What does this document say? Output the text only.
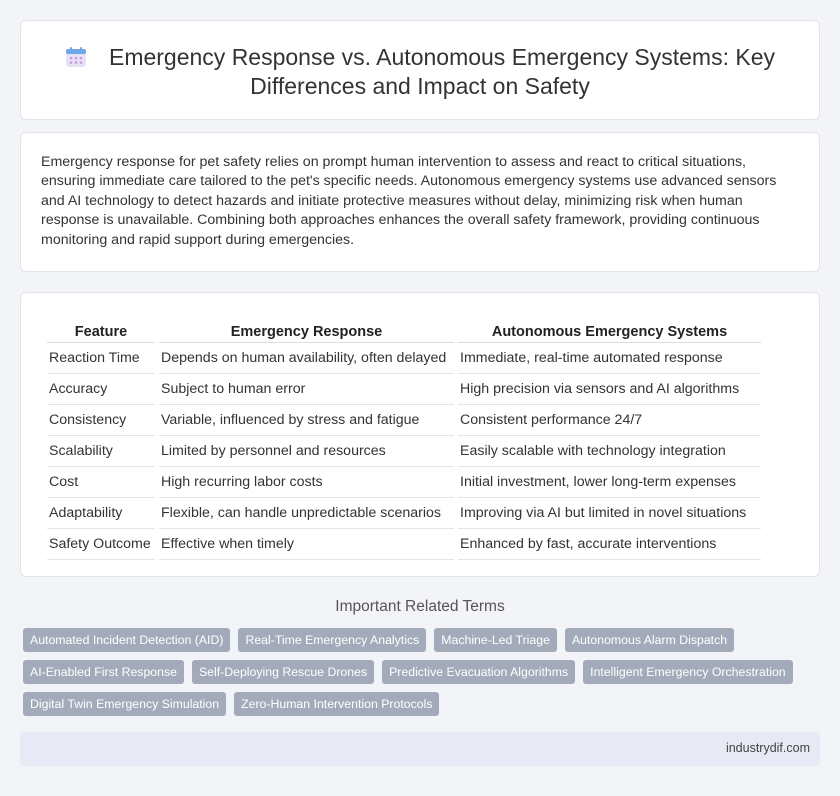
Emergency Response vs. Autonomous Emergency Systems: Key
Differences and Impact on Safety

Emergency response for pet safety relies on prompt human intervention to assess and react to critical situations, ensuring immediate care tailored to the pet's specific needs. Autonomous emergency systems use advanced sensors and AI technology to detect hazards and initiate protective measures without delay, minimizing risk when human response is unavailable. Combining both approaches enhances the overall safety framework, providing continuous monitoring and rapid support during emergencies.

Feature	Emergency Response	Autonomous Emergency Systems
Reaction Time	Depends on human availability, often delayed	Immediate, real-time automated response
Accuracy	Subject to human error	High precision via sensors and AI algorithms
Consistency	Variable, influenced by stress and fatigue	Consistent performance 24/7
Scalability	Limited by personnel and resources	Easily scalable with technology integration
Cost	High recurring labor costs	Initial investment, lower long-term expenses
Adaptability	Flexible, can handle unpredictable scenarios	Improving via AI but limited in novel situations
Safety Outcome	Effective when timely	Enhanced by fast, accurate interventions
Important Related Terms
Automated Incident Detection (AID)	Real-Time Emergency Analytics	Machine-Led Triage	Autonomous Alarm Dispatch
AI-Enabled First Response	Self-Deploying Rescue Drones	Predictive Evacuation Algorithms	Intelligent Emergency Orchestration
Digital Twin Emergency Simulation	Zero-Human Intervention Protocols
industrydif.com
